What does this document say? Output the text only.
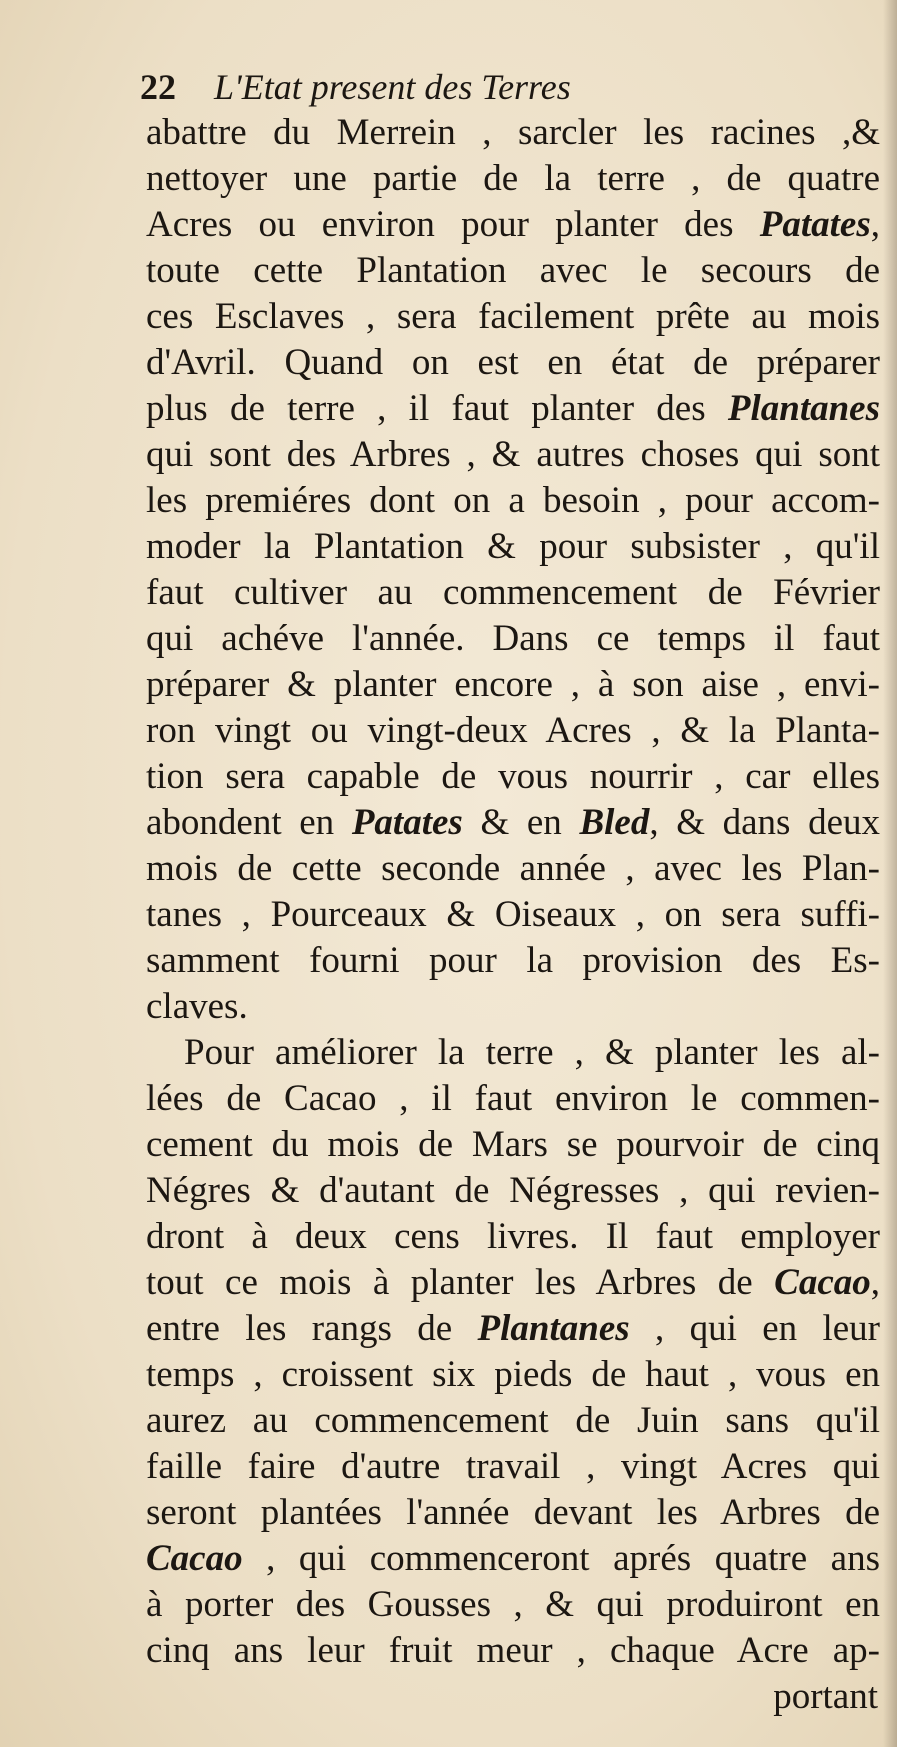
22 L'Etat present des Terres
abattre du Merrein , sarcler les racines ,&
nettoyer une partie de la terre , de quatre
Acres ou environ pour planter des Patates,
toute cette Plantation avec le secours de
ces Esclaves , sera facilement prête au mois
d'Avril. Quand on est en état de préparer
plus de terre , il faut planter des Plantanes
qui sont des Arbres , & autres choses qui sont
les premiéres dont on a besoin , pour accom-
moder la Plantation & pour subsister , qu'il
faut cultiver au commencement de Février
qui achéve l'année. Dans ce temps il faut
préparer & planter encore , à son aise , envi-
ron vingt ou vingt-deux Acres , & la Planta-
tion sera capable de vous nourrir , car elles
abondent en Patates & en Bled, & dans deux
mois de cette seconde année , avec les Plan-
tanes , Pourceaux & Oiseaux , on sera suffi-
samment fourni pour la provision des Es-
claves.
Pour améliorer la terre , & planter les al-
lées de Cacao , il faut environ le commen-
cement du mois de Mars se pourvoir de cinq
Négres & d'autant de Négresses , qui revien-
dront à deux cens livres. Il faut employer
tout ce mois à planter les Arbres de Cacao,
entre les rangs de Plantanes , qui en leur
temps , croissent six pieds de haut , vous en
aurez au commencement de Juin sans qu'il
faille faire d'autre travail , vingt Acres qui
seront plantées l'année devant les Arbres de
Cacao , qui commenceront aprés quatre ans
à porter des Gousses , & qui produiront en
cinq ans leur fruit meur , chaque Acre ap-
portant
